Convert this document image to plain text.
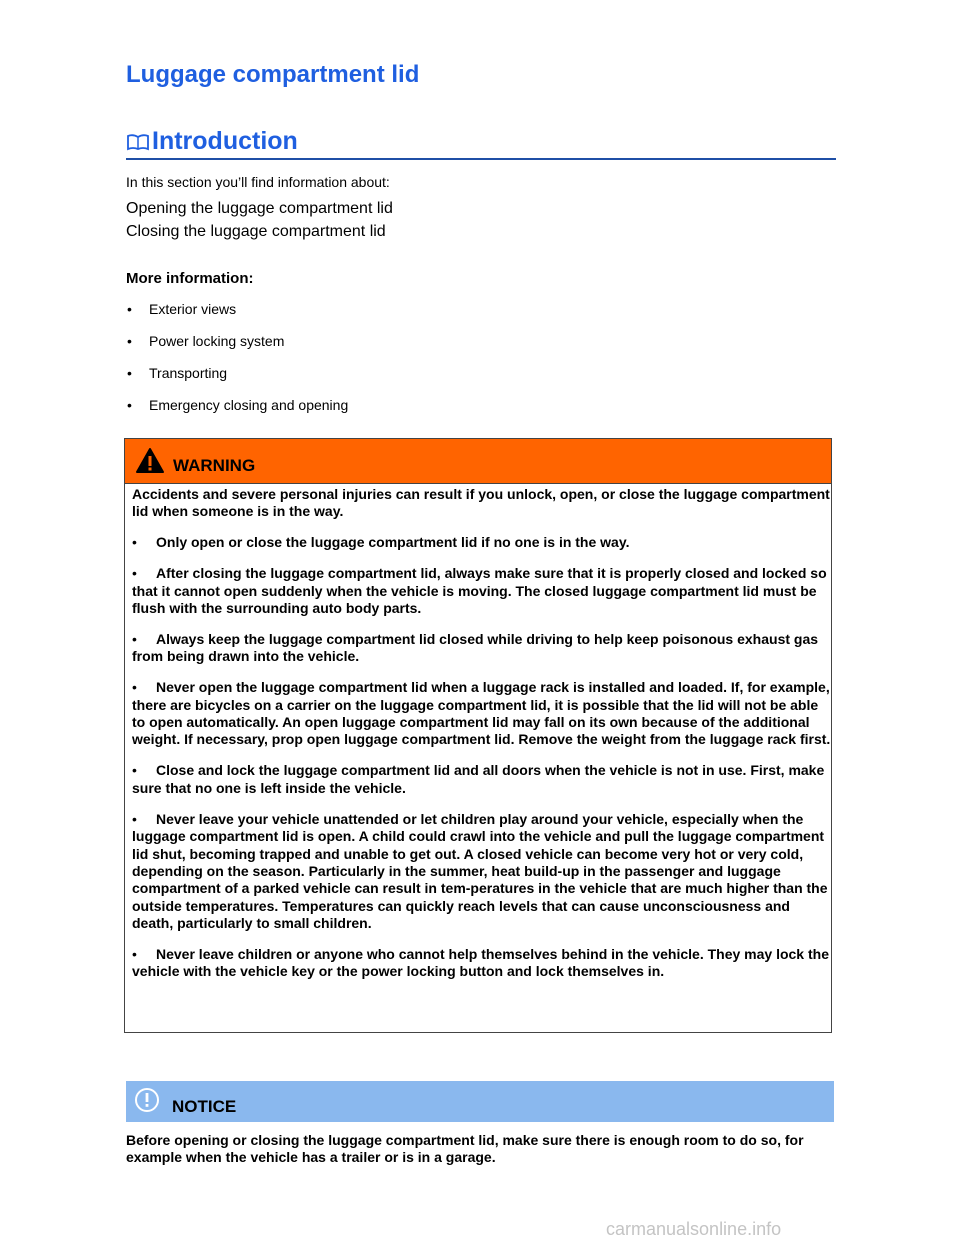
Luggage compartment lid
Introduction
In this section you’ll find information about:
Opening the luggage compartment lid
Closing the luggage compartment lid
More information:
• Exterior views
• Power locking system
• Transporting
• Emergency closing and opening
WARNING

Accidents and severe personal injuries can result if you unlock, open, or close the luggage compartment lid when someone is in the way.

• Only open or close the luggage compartment lid if no one is in the way.

• After closing the luggage compartment lid, always make sure that it is properly closed and locked so that it cannot open suddenly when the vehicle is moving. The closed luggage compartment lid must be flush with the surrounding auto body parts.

• Always keep the luggage compartment lid closed while driving to help keep poisonous exhaust gas from being drawn into the vehicle.

• Never open the luggage compartment lid when a luggage rack is installed and loaded. If, for example, there are bicycles on a carrier on the luggage compartment lid, it is possible that the lid will not be able to open automatically. An open luggage compartment lid may fall on its own because of the additional weight. If necessary, prop open luggage compartment lid. Remove the weight from the luggage rack first.

• Close and lock the luggage compartment lid and all doors when the vehicle is not in use. First, make sure that no one is left inside the vehicle.

• Never leave your vehicle unattended or let children play around your vehicle, especially when the luggage compartment lid is open. A child could crawl into the vehicle and pull the luggage compartment lid shut, becoming trapped and unable to get out. A closed vehicle can become very hot or very cold, depending on the season. Particularly in the summer, heat build-up in the passenger and luggage compartment of a parked vehicle can result in tem-peratures in the vehicle that are much higher than the outside temperatures. Temperatures can quickly reach levels that can cause unconsciousness and death, particularly to small children.

• Never leave children or anyone who cannot help themselves behind in the vehicle. They may lock the vehicle with the vehicle key or the power locking button and lock themselves in.

NOTICE
Before opening or closing the luggage compartment lid, make sure there is enough room to do so, for example when the vehicle has a trailer or is in a garage.
carmanualsonline.info
